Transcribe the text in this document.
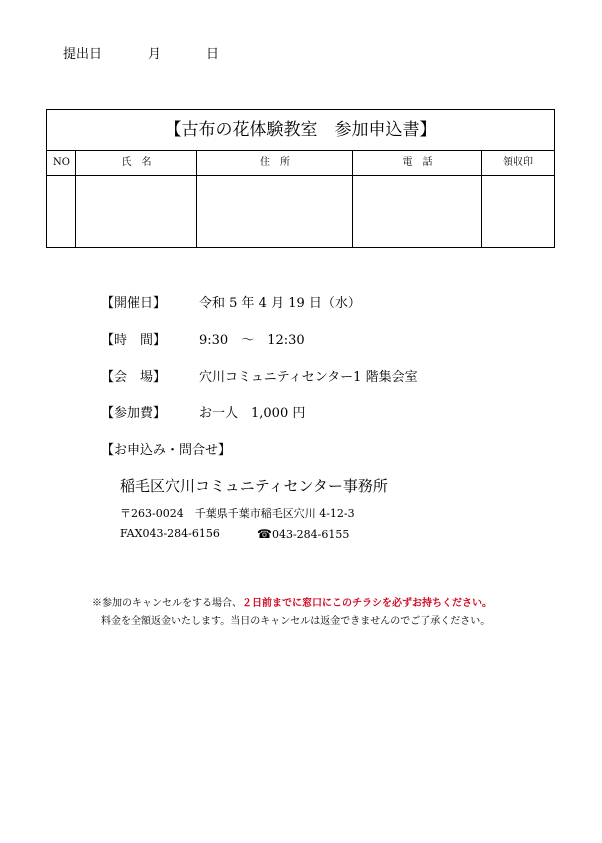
提出日	月	日
【古布の花体験教室　参加申込書】
NO	氏　名	住　所	電　話	領収印
【開催日】	令和 5 年 4 月 19 日（水）
【時　間】	9:30　～　12:30
【会　場】	穴川コミュニティセンター1 階集会室
【参加費】	お一人　1,000 円
【お申込み・問合せ】
稲毛区穴川コミュニティセンター事務所
〒263-0024　千葉県千葉市稲毛区穴川 4-12-3
FAX043-284-6156	☎043-284-6155
※参加のキャンセルをする場合、２日前までに窓口にこのチラシを必ずお持ちください。
料金を全額返金いたします。当日のキャンセルは返金できませんのでご了承ください。
